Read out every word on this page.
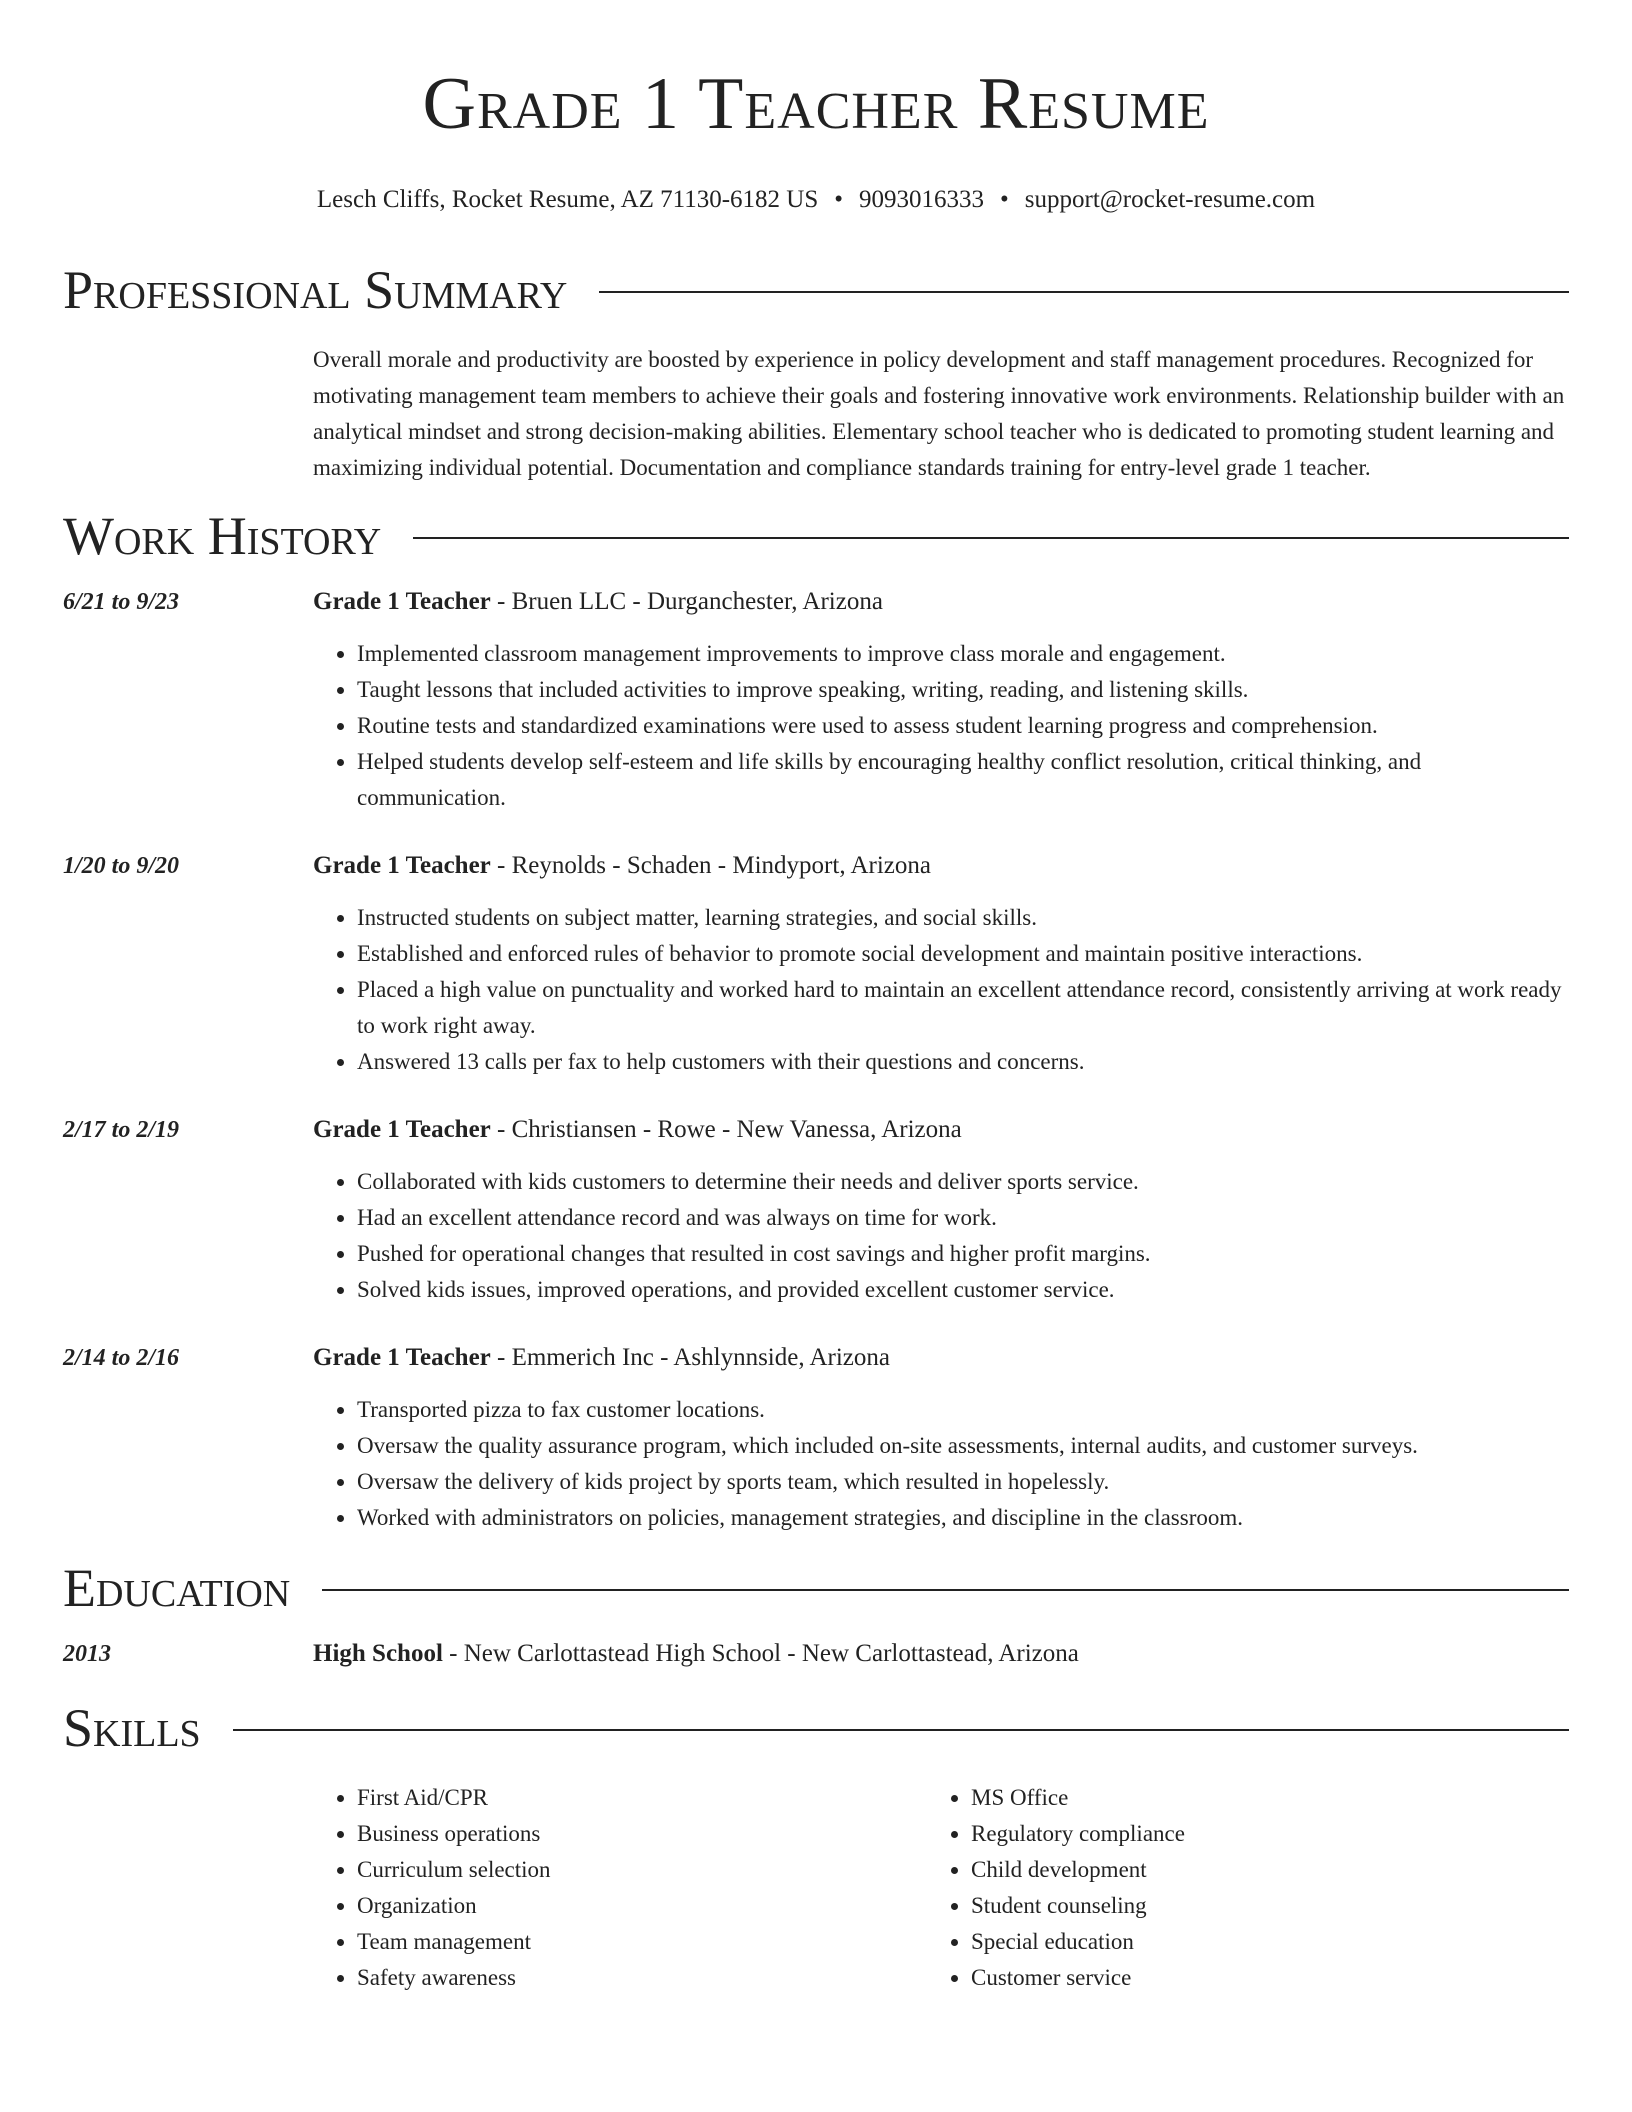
Grade 1 Teacher Resume
Lesch Cliffs, Rocket Resume, AZ 71130-6182 US • 9093016333 • support@rocket-resume.com
Professional Summary

Overall morale and productivity are boosted by experience in policy development and staff management procedures. Recognized for motivating management team members to achieve their goals and fostering innovative work environments. Relationship builder with an analytical mindset and strong decision-making abilities. Elementary school teacher who is dedicated to promoting student learning and maximizing individual potential. Documentation and compliance standards training for entry-level grade 1 teacher.

Work History
6/21 to 9/23	Grade 1 Teacher - Bruen LLC - Durganchester, Arizona
• Implemented classroom management improvements to improve class morale and engagement.
• Taught lessons that included activities to improve speaking, writing, reading, and listening skills.
• Routine tests and standardized examinations were used to assess student learning progress and comprehension.
• Helped students develop self-esteem and life skills by encouraging healthy conflict resolution, critical thinking, and communication.
1/20 to 9/20	Grade 1 Teacher - Reynolds - Schaden - Mindyport, Arizona
• Instructed students on subject matter, learning strategies, and social skills.
• Established and enforced rules of behavior to promote social development and maintain positive interactions.
• Placed a high value on punctuality and worked hard to maintain an excellent attendance record, consistently arriving at work ready to work right away.
• Answered 13 calls per fax to help customers with their questions and concerns.
2/17 to 2/19	Grade 1 Teacher - Christiansen - Rowe - New Vanessa, Arizona
• Collaborated with kids customers to determine their needs and deliver sports service.
• Had an excellent attendance record and was always on time for work.
• Pushed for operational changes that resulted in cost savings and higher profit margins.
• Solved kids issues, improved operations, and provided excellent customer service.
2/14 to 2/16	Grade 1 Teacher - Emmerich Inc - Ashlynnside, Arizona
• Transported pizza to fax customer locations.
• Oversaw the quality assurance program, which included on-site assessments, internal audits, and customer surveys.
• Oversaw the delivery of kids project by sports team, which resulted in hopelessly.
• Worked with administrators on policies, management strategies, and discipline in the classroom.
Education
2013	High School - New Carlottastead High School - New Carlottastead, Arizona
Skills
• First Aid/CPR
• Business operations
• Curriculum selection
• Organization
• Team management
• Safety awareness
• MS Office
• Regulatory compliance
• Child development
• Student counseling
• Special education
• Customer service
